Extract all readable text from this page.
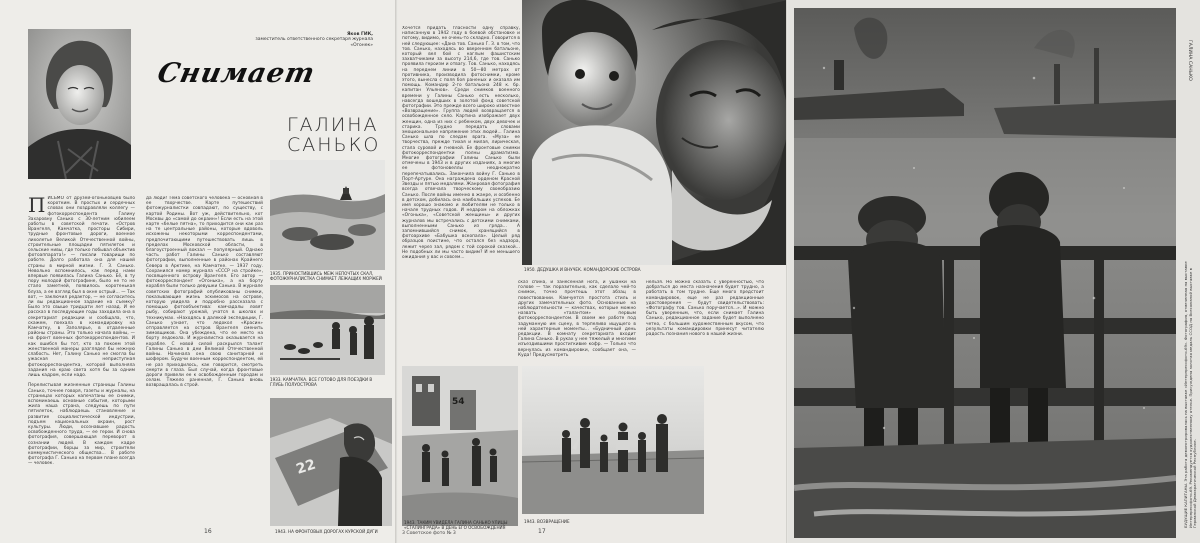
Яков ГИК,
заместитель ответственного секретаря журнала «Огонек»
Снимает
ГАЛИНА
САНЬКО
П ИСЬМО от друзей-огоньковцев было коротким. В простых и сердечных словах они поздравляли коллегу — фотокорреспондента Галину Захаровну Санько с 30-летним юбилеем работы в советской печати. «Остров Врангеля, Камчатка, просторы Сибири, трудные фронтовые дороги, военное лихолетье Великой Отечественной войны, строительные площадки пятилеток и сельские нивы, где только побывал объектив фотоаппарата!» — писали товарищи по работе. Долго работала она для нашей страны в мирной жизни. Г. З. Санько. Невольно вспомнилось, как перед нами впервые появилась Галина Санько. Её, в ту пору молодой фотографине, было не то не стало заметней, появилось коротенькая блуза, а ее взгляд был в окне острый... — Так вот, — заключил редактор, — не согласитесь ли вы редакционное задание на съемку? Было это свыше тридцати лет назад. И ее рассказ в последующие годы заходила она в секретариат редакции и сообщала, что, скажем, поехала в командировку на Камчатку, в Заполярье, в отдаленные районы страны. Это только начала войны, — на фронт военных фотокорреспондентов. И как ошибся бы тот, кто за покоем этой женственной манеры разглядел бы нежную слабость. Нет, Галину Санько не смогла бы ужасная неприступная фотокорреспондентка, которой выполняла задания на краю света хотя бы за одним лишь кадром, если надо.

Перелистывая жизненные страницы Галины Санько, точнее говоря, газеты и журналы, на страницах которых напечатаны ее снимки, вспоминаешь основные события, которыми жила наша страна, следуешь по пути пятилеток, наблюдаешь становление и развитие социалистической индустрии, подъем национальных окраин, рост культуры. Люди, осознавшие радость освобожденного труда, — ее герои. И снова фотография, совершающая переворот в сознании людей. В каждом кадре фотографии, борцы за мир, строители коммунистического общества... В работе фотографа Г. Санько на первом плане всегда — человек.
да люди! Тема советского человека — основная в ее творчестве. Карте путешествий фотожурналистки совпадают, по существу, с картой Родины. Вот уж, действительно, кот Москвы до «самой до окраин»! Если есть на этой карте «белые пятна», то приходится они как раз на те центральные районы, которые вдоволь исхожены некоторыми корреспондентами, предпочитающими путешествовать лишь в пределах Московской области, в благоустроенный вокзал — популярный. Однако часть работ Галины Санько составляют фотографии, выполненные в районах Крайнего Севера в Арктике, на Камчатке. — 1937 году. Сохранился номер журнала «СССР на стройке», посвященного острову Врангеля. Его автор — фотокорреспондент «Огонька», а на борту корабля были только девушки Санько. В журнале советских фотографий опубликованы снимки, показывающие жизнь эскимосов на острове, которую увидела и подробно рассказала с помощью фотообъектива: камчадалы ловят рыбу, собирают урожай, учатся в школах и техникумах. «Находясь в далекой экспедиции, Г. Санько узнает, что ледокол «Красин» отправляется на остров Врангеля сменить зимовщиков. Она убеждена, что ее место на борту ледокола. И журналистка оказывается на корабле. С новой силой раскрылся талант Галины Санько в дни Великой Отечественной войны. Начинала она свою санитарной и шофером. Будучи военным корреспондентом, ей не раз приходилось, как говорится, смотреть смерти в глаза. Был случай, когда фронтовые дороги привели ее к освобожденным городам и селам. Тяжело раненная, Г. Санько вновь возвращалась в строй.
1935. ПРИНОСТИВШИСЬ МЕЖ НЕПОЧТЫХ СКАЛ, ФОТОЖУРНАЛИСТКА СНИМАЕТ ЛЕЖАЩИХ МОРЖЕЙ
1933. КАМЧАТКА. ВСЕ ГОТОВО ДЛЯ ПОЕЗДКИ В ГЛУБЬ ПОЛУОСТРОВА
22
1943. НА ФРОНТОВЫХ ДОРОГАХ КУРСКОЙ ДУГИ
16
Хочется придать гласности одну справку, написанную в 1942 году в боевой обстановке и потому, видимо, не очень-то складно. Говорится в ней следующее: «Дана тов. Санько Г. З. в том, что тов. Санько, находясь во вверенном батальоне, который вел бой с наглым фашистским захватчиками за высоту 214,6, где тов. Санько проявила героизм и отвагу. Тов. Санько, находясь на переднем линии в 50—80 метрах от противника, производила фотоснимки, кроме этого, вынесла с поля боя раненых и оказала им помощь. Командир 2-го батальона 248 к. бр. капитан Ульянов». Среди снимков военного времени у Галины Санько есть несколько, навсегда вошедших в золотой фонд советской фотографии. Это прежде всего широко известное «Возвращение». Группа людей возвращается в освобожденное село. Картина изображает двух женщин, одна из них с ребенком, двух девочек и старика. Трудно передать словами эмоциональное напряжение этих людей... Галина Санько шла по следам врага. «Муза» ее творчества, прежде тихая и милая, лирическая, стала суровой и гневной. Ее фронтовые снимки фотокорреспондентки полны драматизма. Многие фотографии Галины Санько были отмечены в 1943 и в других изданиях, а многие ее фотоновеллы неоднократно перепечатывались. Закончила войну Г. Санько в Порт-Артуре. Она награждена орденом Красной Звезды и пятью медалями. Жанровая фотография всегда отвечала творческому своеобразию Санько. После войны именно в жанре, и особенно в детском, добилась она наибольших успехов. Ее имя хорошо знакомо и любителям не только в начале трудных годов. И недаром на обложках «Огонька», «Советской женщины» и других журналов мы встречались с детскими снимками, выполненными Санько из гряда... А запомнившийся снимок, хранящийся в фотоархиве «Бабушка вскопала». Целый ряд образцов поистине, что остался без надзора, лежит через зал, рядом с той сорокой сказкой... Не подобных ли мы часто видим? И не меньшего ожидания у вас и совсем...
1950. ДЕДУШКА И ВНУЧЕК. КОМАНДОРСКИЕ ОСТРОВА
сказ спина, и занесенная нога, и ушанки на голове — так поразительно, как сделало чей-то снимок, точно прочтешь этот абзац в повествовании. Камчуется простота стиль и других замечательных фото. Основанные на наблюдательности — качествах, которые можно назвать «талантом» первым фотокорреспондентом. В своем же работе под задуманную им сцену, в терпеливо ищущего в ней характерные моменты... «Будничный день редакции. В комнату секретариата входит Галина Санько. В руках у нее тяжелый и многими изъездившими простигкивие кофр. — Только что вернулась из командировки, сообщает она, — Куда! Предусмотреть
нельзя. Но можно сказать с уверенностью, что добраться до места назначения будет трудно, а работать в том трудне. Еще много предстоит командировок, еще не раз редакционные удостоверения — будут свидетельствовать: «Фотографу тов. Санько поручается...». И можно быть уверенным, что, если снимает Галина Санько, редакционное задание будет выполнено четко, с большим художественным вкусом, что результаты командировки принесут читателю радость познания нового в нашей жизни.
54
1943. ТАКИМ УВИДЕЛА ГАЛИНА САНЬКО УЛИЦЫ «СТАЛИНГРАДА» В ДЕНЬ ЕГО ОСВОБОЖДЕНИЯ
1943. ВОЗВРАЩЕНИЕ
3 Советское фото № 3	17
ГАЛИНА САНЬКО
БУДУЩИЕ КАПИТАНЫ. Эта работа демонстрировалась на выставке «Интерпрессфото-69». Фотография, отмеченная на выставке Интерпрессфото-69. Рекомендуется художественному ателье. Присуждена золотая медаль ССОД на Всесоюзной выставке в Германской Демократической Республике.
